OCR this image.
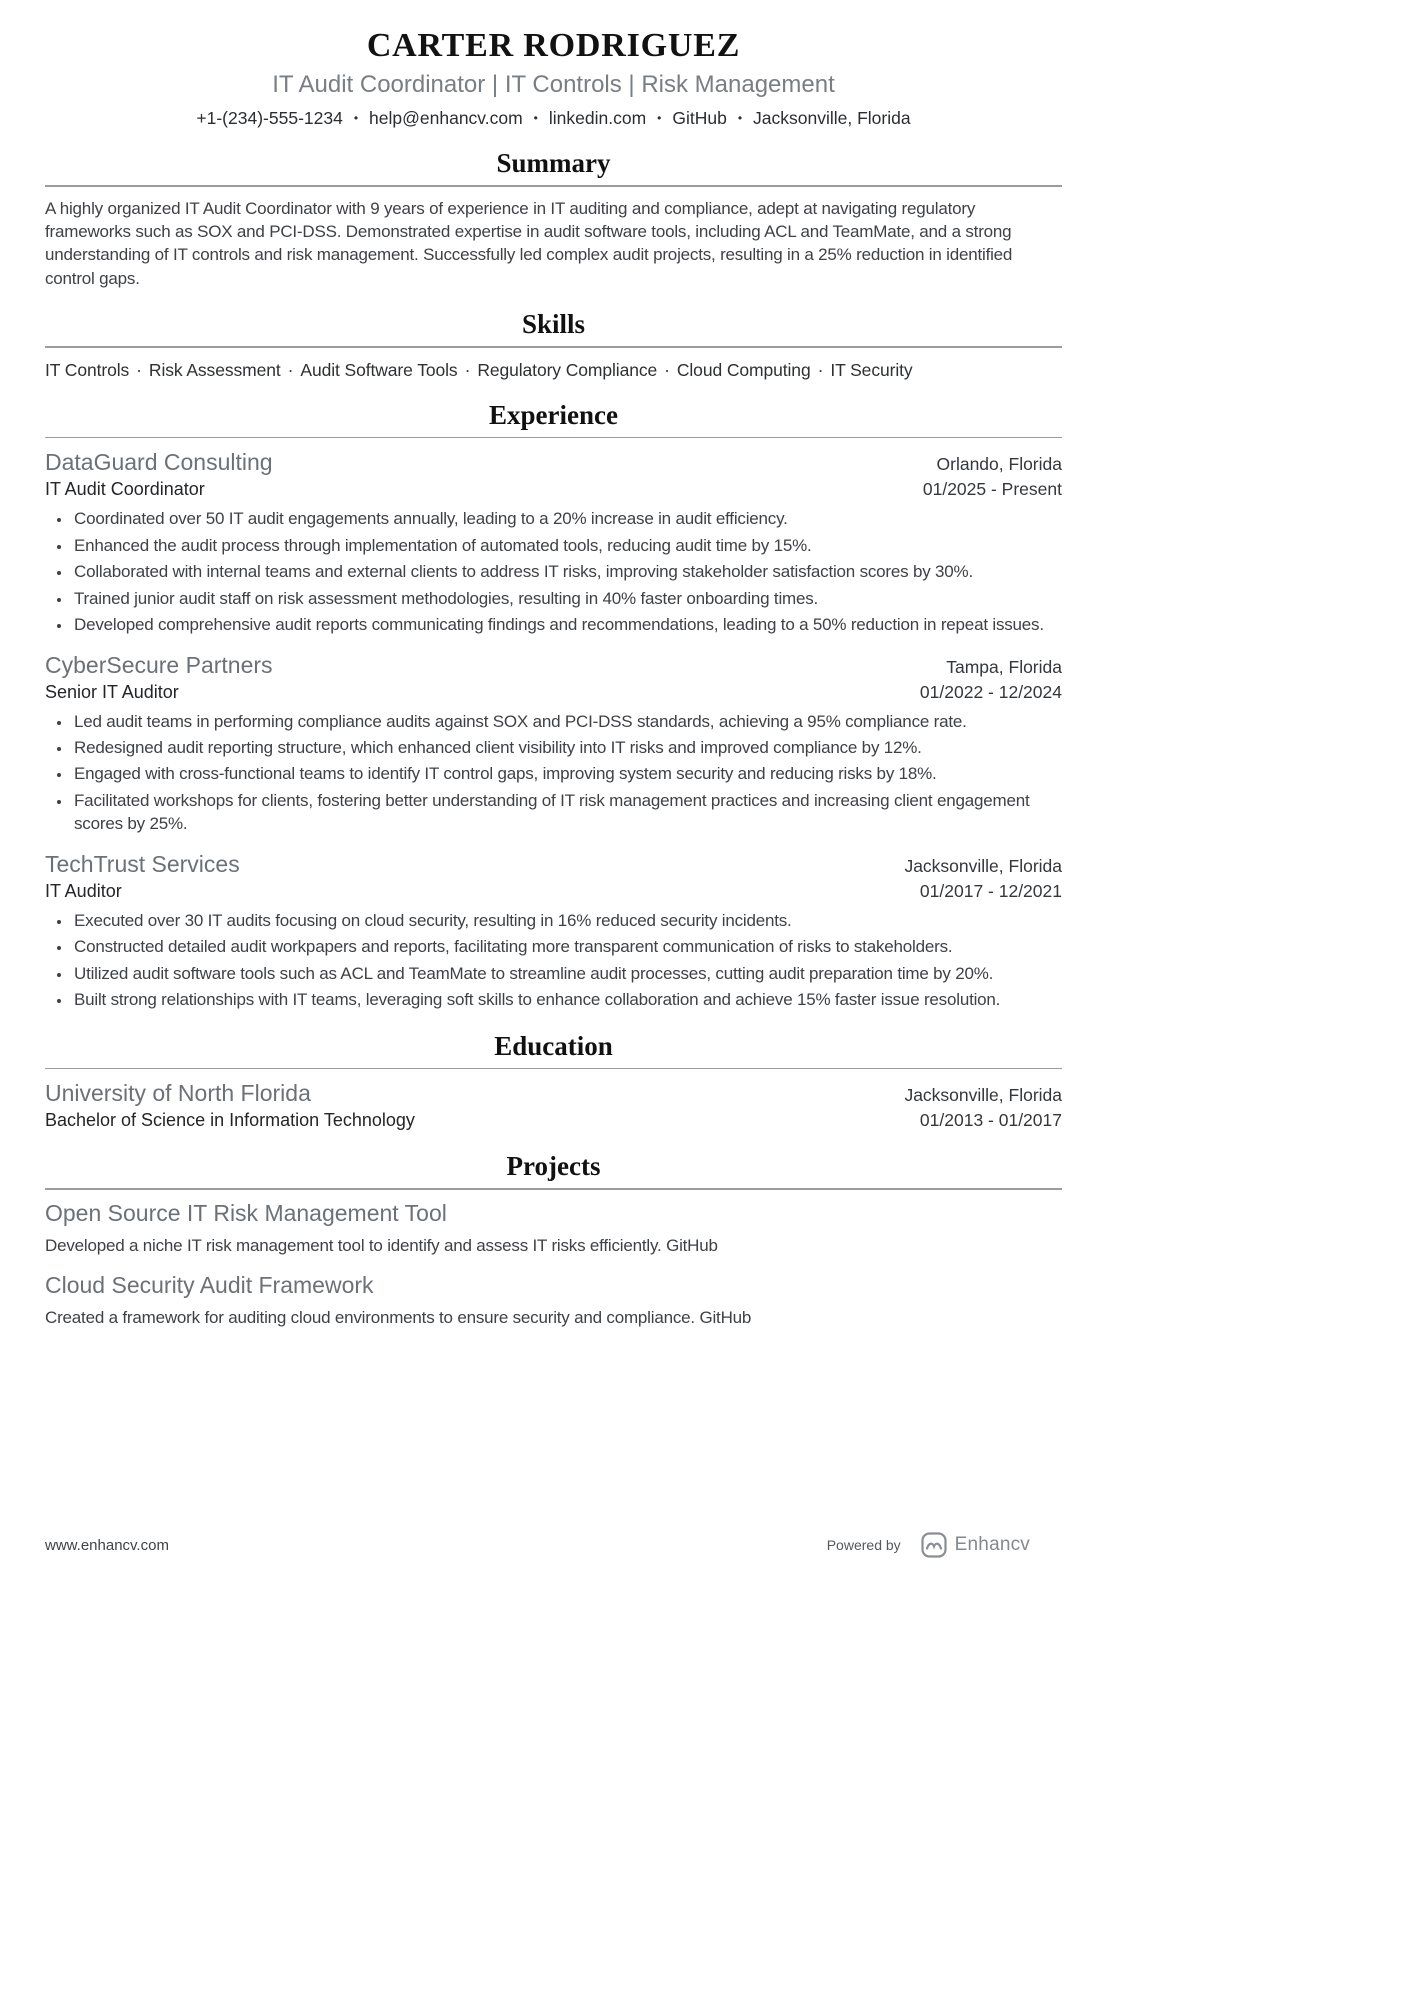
CARTER RODRIGUEZ
IT Audit Coordinator | IT Controls | Risk Management
+1-(234)-555-1234 • help@enhancv.com • linkedin.com • GitHub • Jacksonville, Florida
Summary

A highly organized IT Audit Coordinator with 9 years of experience in IT auditing and compliance, adept at navigating regulatory frameworks such as SOX and PCI-DSS. Demonstrated expertise in audit software tools, including ACL and TeamMate, and a strong understanding of IT controls and risk management. Successfully led complex audit projects, resulting in a 25% reduction in identified control gaps.

Skills
IT Controls · Risk Assessment · Audit Software Tools · Regulatory Compliance · Cloud Computing · IT Security
Experience
DataGuard Consulting	Orlando, Florida
IT Audit Coordinator	01/2025 - Present
• Coordinated over 50 IT audit engagements annually, leading to a 20% increase in audit efficiency.
• Enhanced the audit process through implementation of automated tools, reducing audit time by 15%.
• Collaborated with internal teams and external clients to address IT risks, improving stakeholder satisfaction scores by 30%.
• Trained junior audit staff on risk assessment methodologies, resulting in 40% faster onboarding times.
• Developed comprehensive audit reports communicating findings and recommendations, leading to a 50% reduction in repeat issues.
CyberSecure Partners	Tampa, Florida
Senior IT Auditor	01/2022 - 12/2024
• Led audit teams in performing compliance audits against SOX and PCI-DSS standards, achieving a 95% compliance rate.
• Redesigned audit reporting structure, which enhanced client visibility into IT risks and improved compliance by 12%.
• Engaged with cross-functional teams to identify IT control gaps, improving system security and reducing risks by 18%.
• Facilitated workshops for clients, fostering better understanding of IT risk management practices and increasing client engagement scores by 25%.
TechTrust Services	Jacksonville, Florida
IT Auditor	01/2017 - 12/2021
• Executed over 30 IT audits focusing on cloud security, resulting in 16% reduced security incidents.
• Constructed detailed audit workpapers and reports, facilitating more transparent communication of risks to stakeholders.
• Utilized audit software tools such as ACL and TeamMate to streamline audit processes, cutting audit preparation time by 20%.
• Built strong relationships with IT teams, leveraging soft skills to enhance collaboration and achieve 15% faster issue resolution.
Education
University of North Florida	Jacksonville, Florida
Bachelor of Science in Information Technology	01/2013 - 01/2017
Projects
Open Source IT Risk Management Tool

Developed a niche IT risk management tool to identify and assess IT risks efficiently. GitHub

Cloud Security Audit Framework

Created a framework for auditing cloud environments to ensure security and compliance. GitHub

www.enhancv.com	Powered by	Enhancv
